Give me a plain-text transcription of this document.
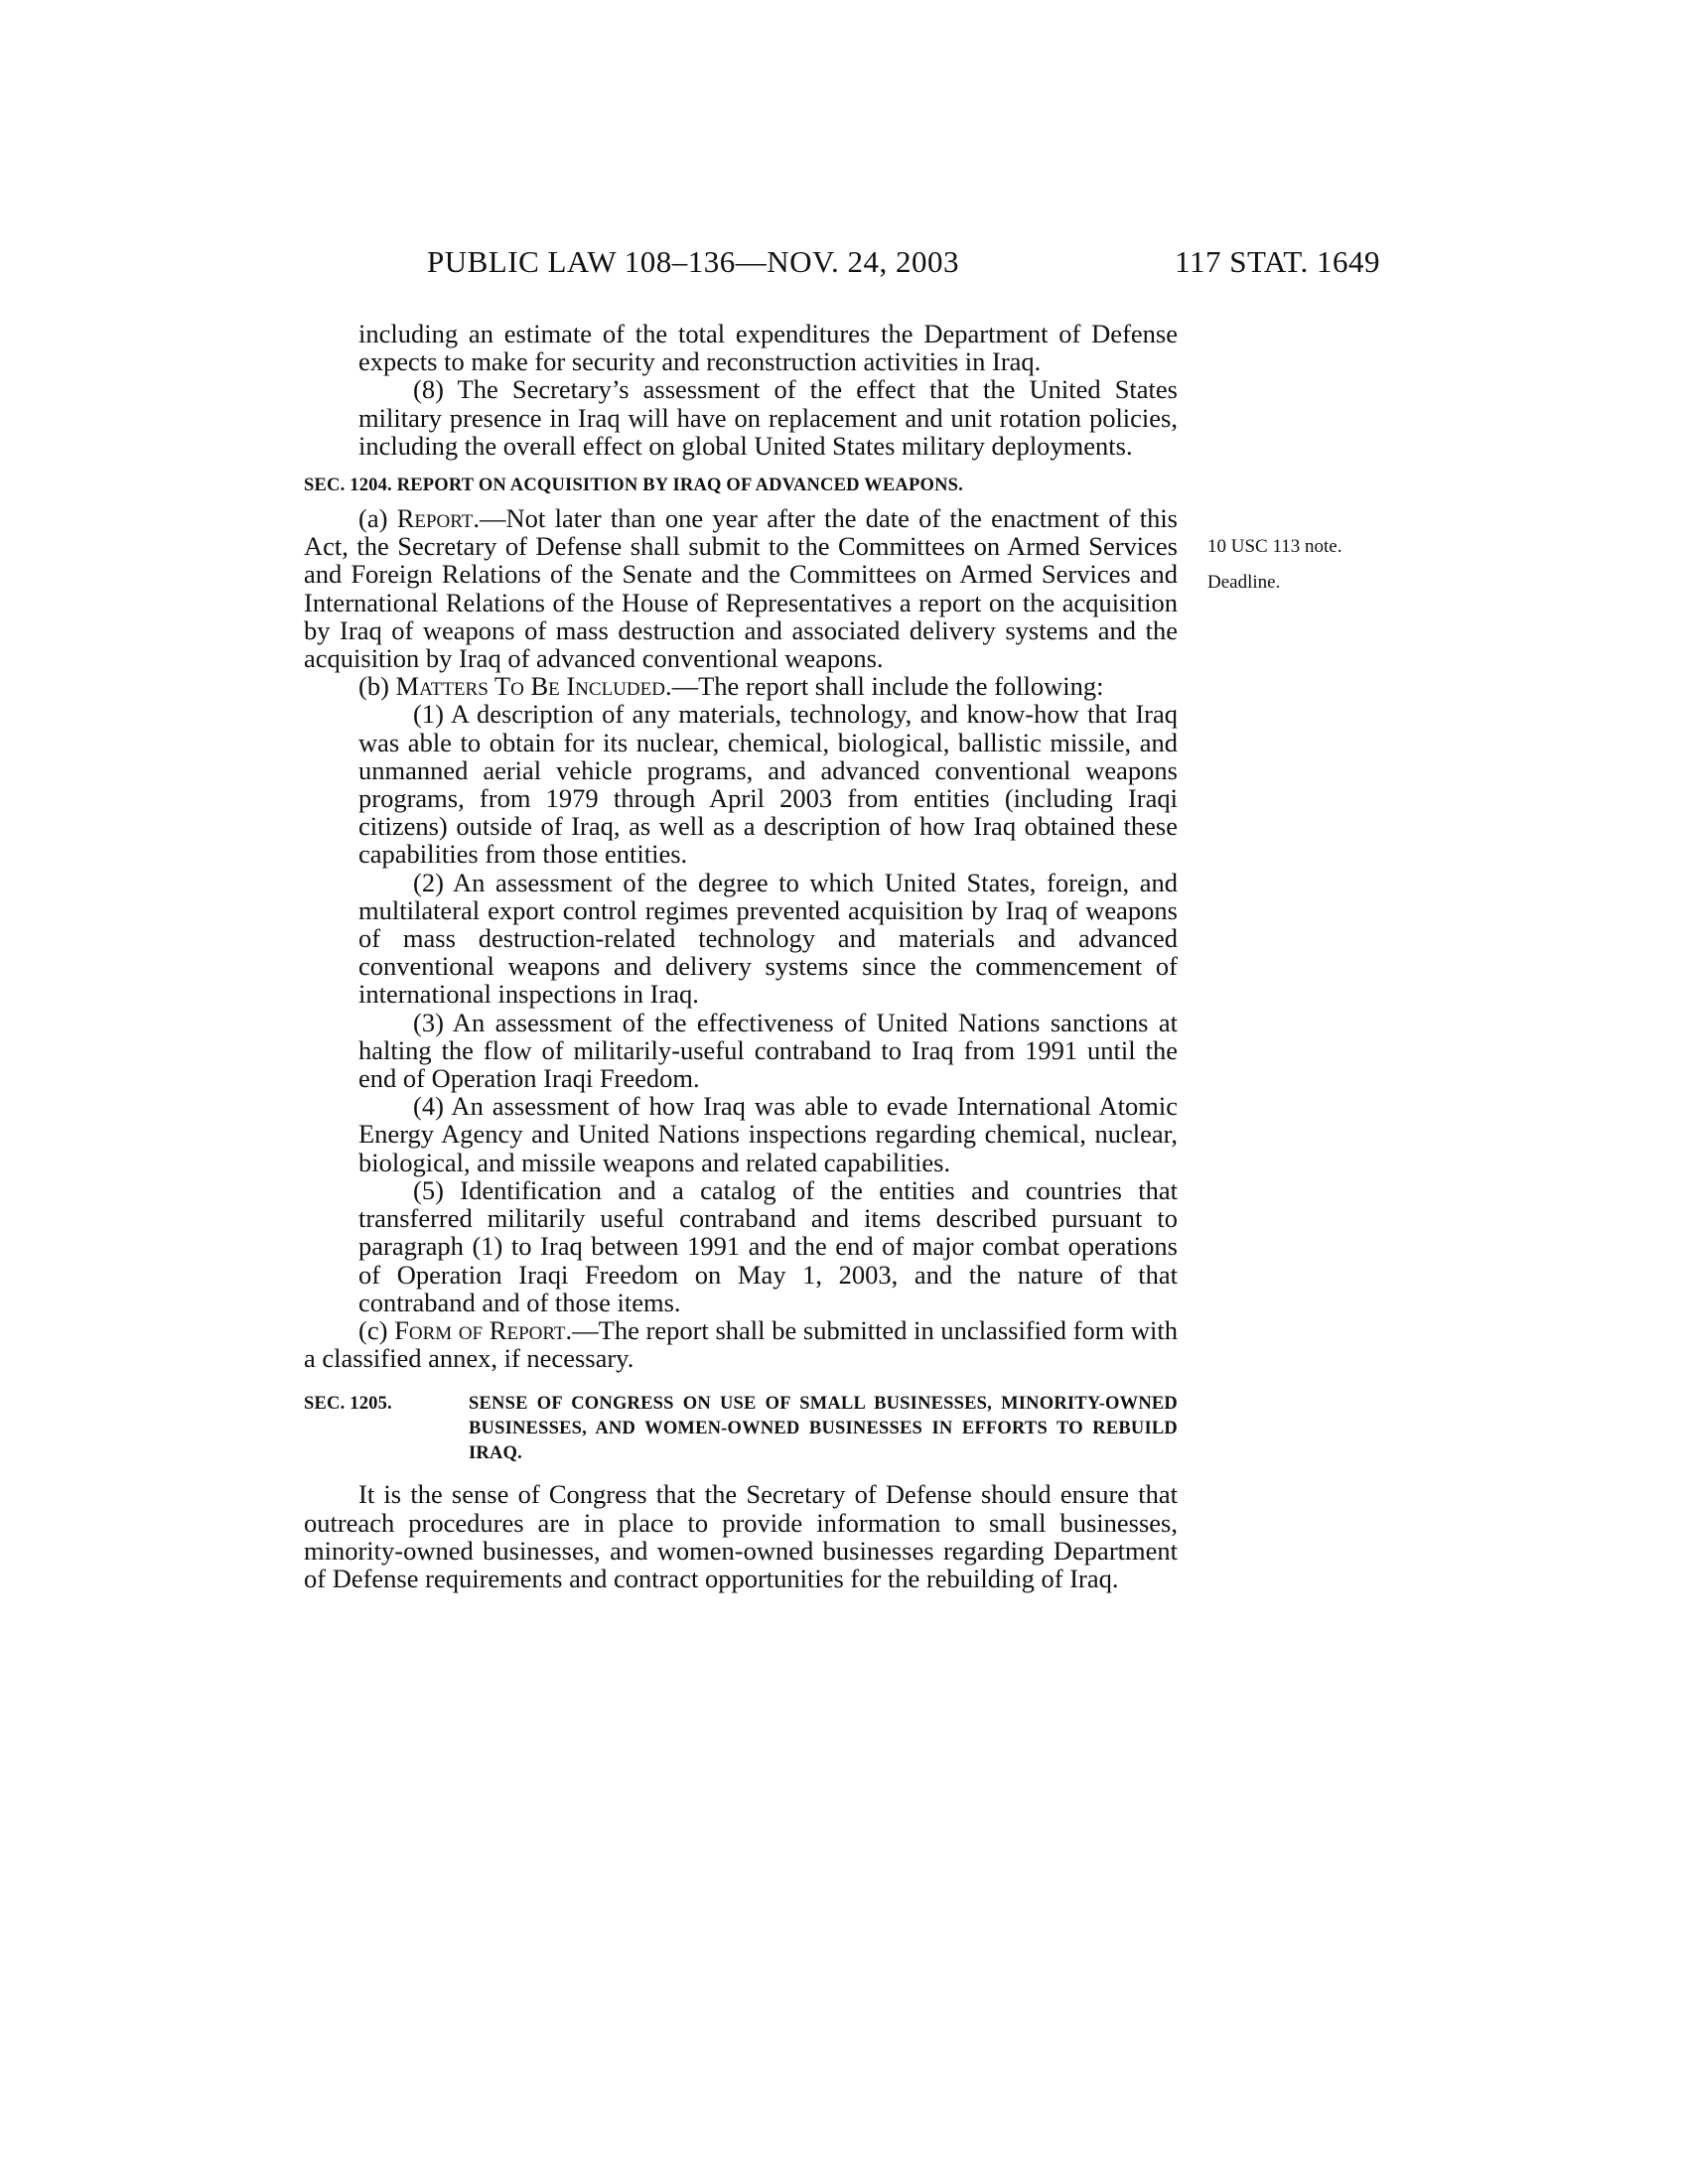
PUBLIC LAW 108–136—NOV. 24, 2003	117 STAT. 1649
10 USC 113 note.
Deadline.

including an estimate of the total expenditures the Department of Defense expects to make for security and reconstruction activities in Iraq.

(8) The Secretary’s assessment of the effect that the United States military presence in Iraq will have on replacement and unit rotation policies, including the overall effect on global United States military deployments.

SEC. 1204. REPORT ON ACQUISITION BY IRAQ OF ADVANCED WEAPONS.

(a) Report.—Not later than one year after the date of the enactment of this Act, the Secretary of Defense shall submit to the Committees on Armed Services and Foreign Relations of the Senate and the Committees on Armed Services and International Relations of the House of Representatives a report on the acquisition by Iraq of weapons of mass destruction and associated delivery systems and the acquisition by Iraq of advanced conventional weapons.

(b) Matters To Be Included.—The report shall include the following:

(1) A description of any materials, technology, and know-how that Iraq was able to obtain for its nuclear, chemical, biological, ballistic missile, and unmanned aerial vehicle programs, and advanced conventional weapons programs, from 1979 through April 2003 from entities (including Iraqi citizens) outside of Iraq, as well as a description of how Iraq obtained these capabilities from those entities.

(2) An assessment of the degree to which United States, foreign, and multilateral export control regimes prevented acquisition by Iraq of weapons of mass destruction-related technology and materials and advanced conventional weapons and delivery systems since the commencement of international inspections in Iraq.

(3) An assessment of the effectiveness of United Nations sanctions at halting the flow of militarily-useful contraband to Iraq from 1991 until the end of Operation Iraqi Freedom.

(4) An assessment of how Iraq was able to evade International Atomic Energy Agency and United Nations inspections regarding chemical, nuclear, biological, and missile weapons and related capabilities.

(5) Identification and a catalog of the entities and countries that transferred militarily useful contraband and items described pursuant to paragraph (1) to Iraq between 1991 and the end of major combat operations of Operation Iraqi Freedom on May 1, 2003, and the nature of that contraband and of those items.

(c) Form of Report.—The report shall be submitted in unclassified form with a classified annex, if necessary.

SEC. 1205.	SENSE OF CONGRESS ON USE OF SMALL BUSINESSES, MINORITY-OWNED BUSINESSES, AND WOMEN-OWNED BUSINESSES IN EFFORTS TO REBUILD IRAQ.

It is the sense of Congress that the Secretary of Defense should ensure that outreach procedures are in place to provide information to small businesses, minority-owned businesses, and women-owned businesses regarding Department of Defense requirements and contract opportunities for the rebuilding of Iraq.
